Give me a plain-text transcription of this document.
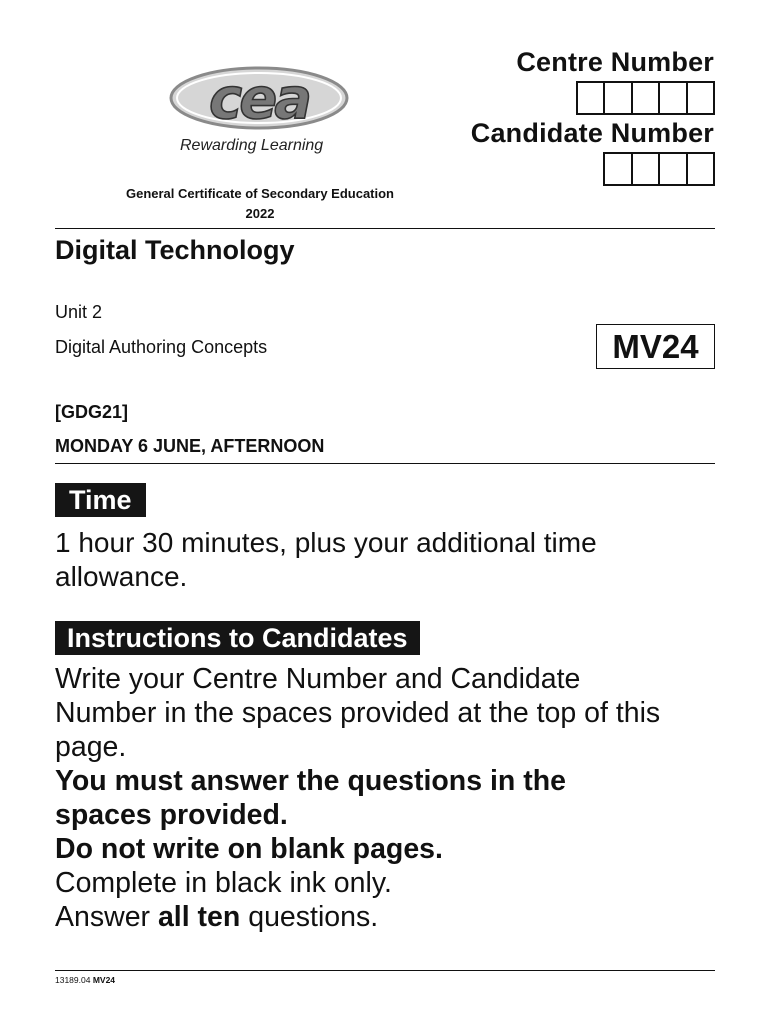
cea
Rewarding Learning
General Certificate of Secondary Education
2022
Centre Number
Candidate Number
Digital Technology
Unit 2
Digital Authoring Concepts	MV24
[GDG21]
MONDAY 6 JUNE, AFTERNOON
Time
1 hour 30 minutes, plus your additional time allowance.
Instructions to Candidates
Write your Centre Number and Candidate Number in the spaces provided at the top of this page.
You must answer the questions in the spaces provided.
Do not write on blank pages.
Complete in black ink only.
Answer all ten questions.
13189.04 MV24
